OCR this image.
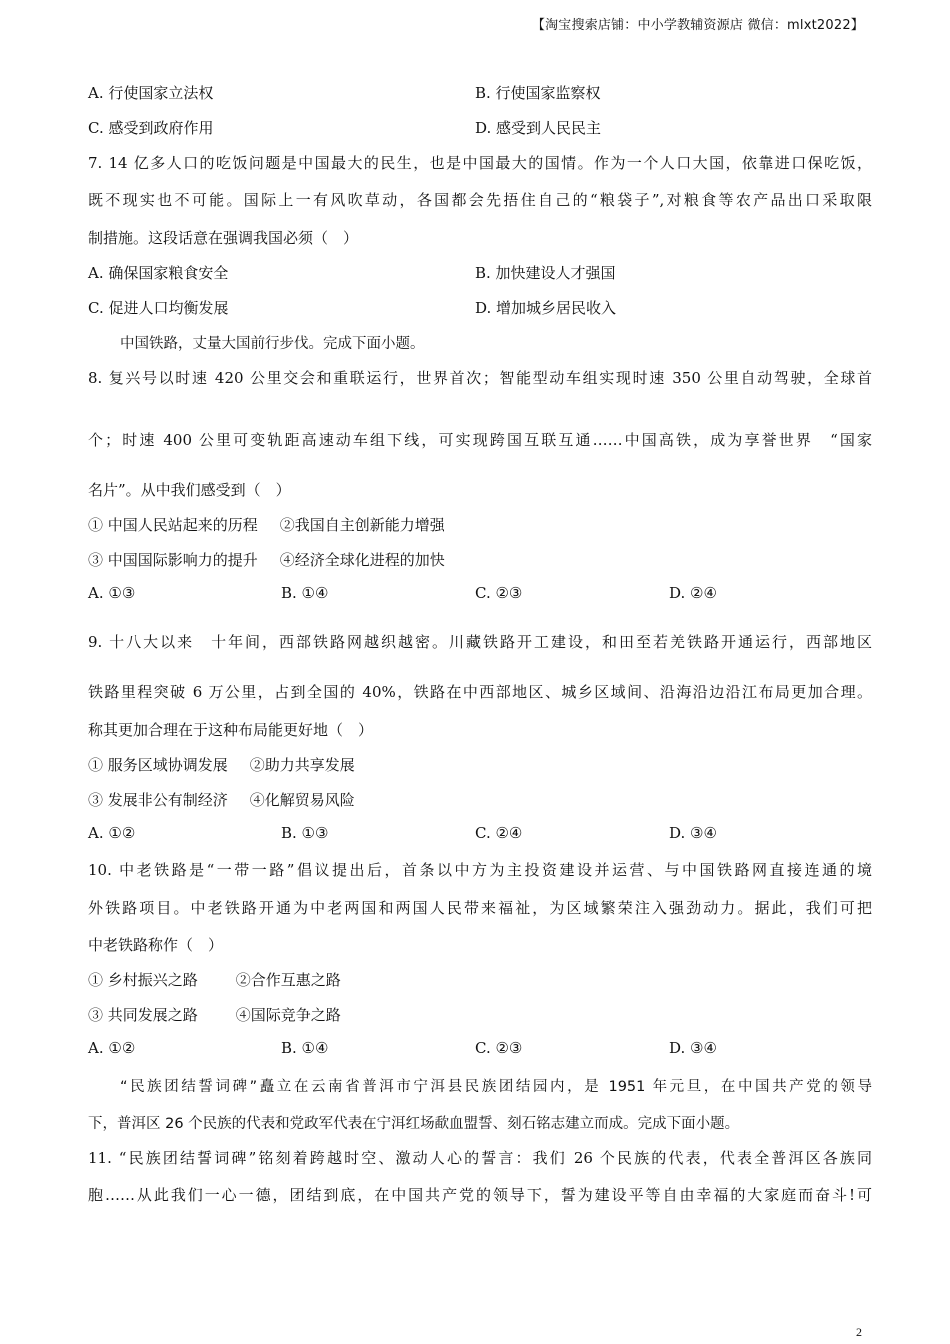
【淘宝搜索店铺：中小学教辅资源店 微信：mlxt2022】
A. 行使国家立法权	B. 行使国家监察权
C. 感受到政府作用	D. 感受到人民民主
7. 14 亿多人口的吃饭问题是中国最大的民生，也是中国最大的国情。作为一个人口大国，依靠进口保吃饭，
既不现实也不可能。国际上一有风吹草动，各国都会先捂住自己的“粮袋子”,对粮食等农产品出口采取限
制措施。这段话意在强调我国必须（　）
A. 确保国家粮食安全	B. 加快建设人才强国
C. 促进人口均衡发展	D. 增加城乡居民收入
中国铁路，丈量大国前行步伐。完成下面小题。
8. 复兴号以时速 420 公里交会和重联运行，世界首次；智能型动车组实现时速 350 公里自动驾驶，全球首
个；时速 400 公里可变轨距高速动车组下线，可实现跨国互联互通……中国高铁，成为享誉世界　“国家
名片”。从中我们感受到（　）
① 中国人民站起来的历程 ②我国自主创新能力增强
③ 中国国际影响力的提升 ④经济全球化进程的加快
A. ①③	B. ①④	C. ②③	D. ②④
9. 十八大以来　十年间，西部铁路网越织越密。川藏铁路开工建设，和田至若羌铁路开通运行，西部地区
铁路里程突破 6 万公里，占到全国的 40%，铁路在中西部地区、城乡区域间、沿海沿边沿江布局更加合理。
称其更加合理在于这种布局能更好地（　）
① 服务区域协调发展 ②助力共享发展
③ 发展非公有制经济 ④化解贸易风险
A. ①②	B. ①③	C. ②④	D. ③④
10. 中老铁路是“一带一路”倡议提出后，首条以中方为主投资建设并运营、与中国铁路网直接连通的境
外铁路项目。中老铁路开通为中老两国和两国人民带来福祉，为区域繁荣注入强劲动力。据此，我们可把
中老铁路称作（　）
① 乡村振兴之路	②合作互惠之路
③ 共同发展之路	④国际竞争之路
A. ①②	B. ①④	C. ②③	D. ③④
“民族团结誓词碑”矗立在云南省普洱市宁洱县民族团结园内，是 1951 年元旦，在中国共产党的领导
下，普洱区 26 个民族的代表和党政军代表在宁洱红场歃血盟誓、刻石铭志建立而成。完成下面小题。
11. “民族团结誓词碑”铭刻着跨越时空、激动人心的誓言：我们 26 个民族的代表，代表全普洱区各族同
胞……从此我们一心一德，团结到底，在中国共产党的领导下，誓为建设平等自由幸福的大家庭而奋斗!可
2
